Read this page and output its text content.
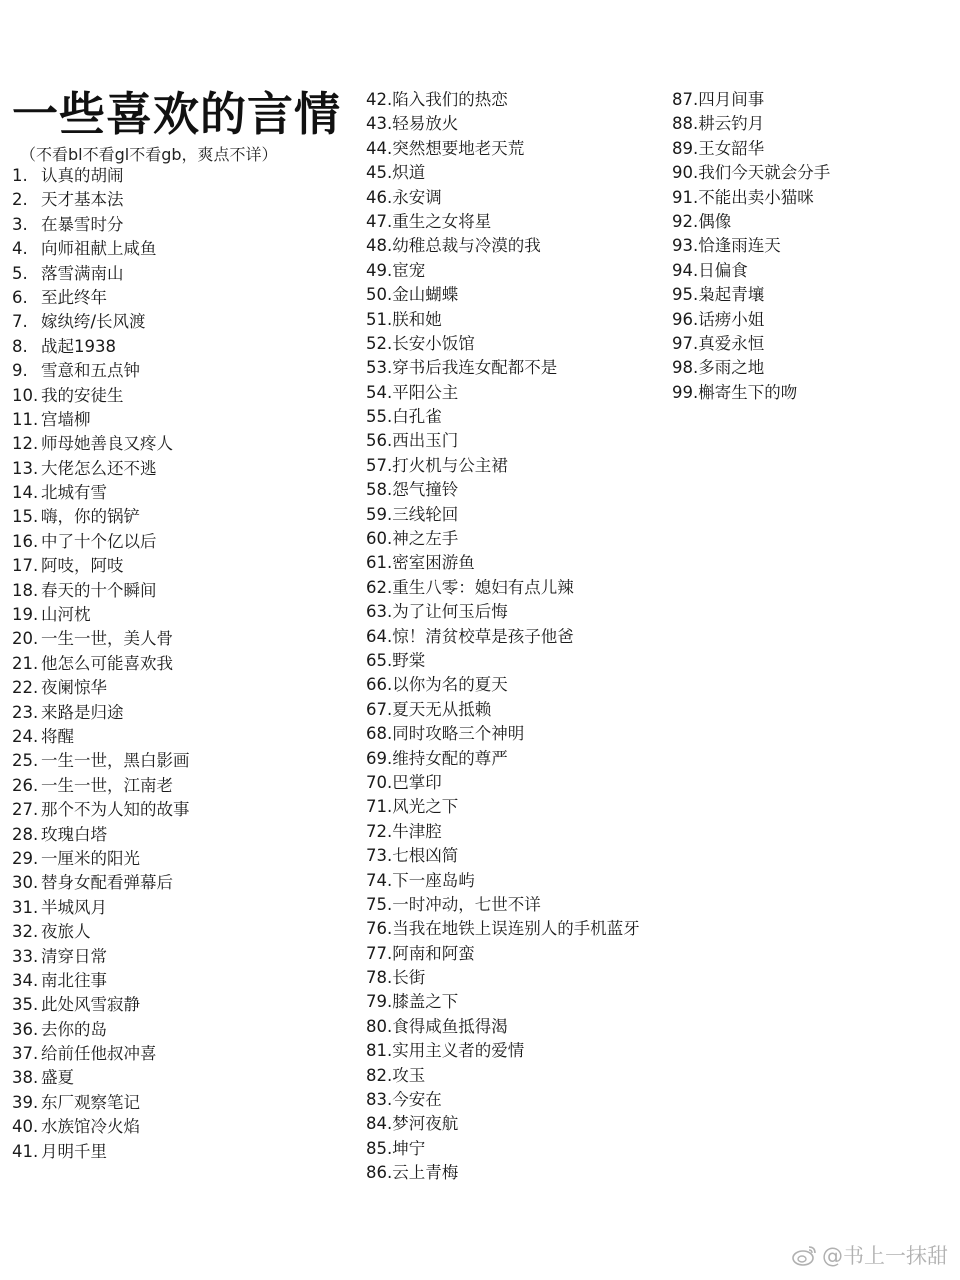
一些喜欢的言情
（不看bl不看gl不看gb，爽点不详）
1. 认真的胡闹
2. 天才基本法
3. 在暴雪时分
4. 向师祖献上咸鱼
5. 落雪满南山
6. 至此终年
7. 嫁纨绔/长风渡
8. 战起1938
9. 雪意和五点钟
10. 我的安徒生
11. 宫墙柳
12. 师母她善良又疼人
13. 大佬怎么还不逃
14. 北城有雪
15. 嗨，你的锅铲
16. 中了十个亿以后
17. 阿吱，阿吱
18. 春天的十个瞬间
19. 山河枕
20. 一生一世，美人骨
21. 他怎么可能喜欢我
22. 夜阑惊华
23. 来路是归途
24. 将醒
25. 一生一世，黑白影画
26. 一生一世，江南老
27. 那个不为人知的故事
28. 玫瑰白塔
29. 一厘米的阳光
30. 替身女配看弹幕后
31. 半城风月
32. 夜旅人
33. 清穿日常
34. 南北往事
35. 此处风雪寂静
36. 去你的岛
37. 给前任他叔冲喜
38. 盛夏
39. 东厂观察笔记
40. 水族馆冷火焰
41. 月明千里
42.陷入我们的热恋
43.轻易放火
44.突然想要地老天荒
45.炽道
46.永安调
47.重生之女将星
48.幼稚总裁与冷漠的我
49.宦宠
50.金山蝴蝶
51.朕和她
52.长安小饭馆
53.穿书后我连女配都不是
54.平阳公主
55.白孔雀
56.西出玉门
57.打火机与公主裙
58.怨气撞铃
59.三线轮回
60.神之左手
61.密室困游鱼
62.重生八零：媳妇有点儿辣
63.为了让何玉后悔
64.惊！清贫校草是孩子他爸
65.野棠
66.以你为名的夏天
67.夏天无从抵赖
68.同时攻略三个神明
69.维持女配的尊严
70.巴掌印
71.风光之下
72.牛津腔
73.七根凶简
74.下一座岛屿
75.一时冲动，七世不详
76.当我在地铁上误连别人的手机蓝牙
77.阿南和阿蛮
78.长街
79.膝盖之下
80.食得咸鱼抵得渴
81.实用主义者的爱情
82.攻玉
83.今安在
84.梦河夜航
85.坤宁
86.云上青梅
87.四月间事
88.耕云钓月
89.王女韶华
90.我们今天就会分手
91.不能出卖小猫咪
92.偶像
93.恰逢雨连天
94.日偏食
95.枭起青壤
96.话痨小姐
97.真爱永恒
98.多雨之地
99.槲寄生下的吻
@书上一抹甜
